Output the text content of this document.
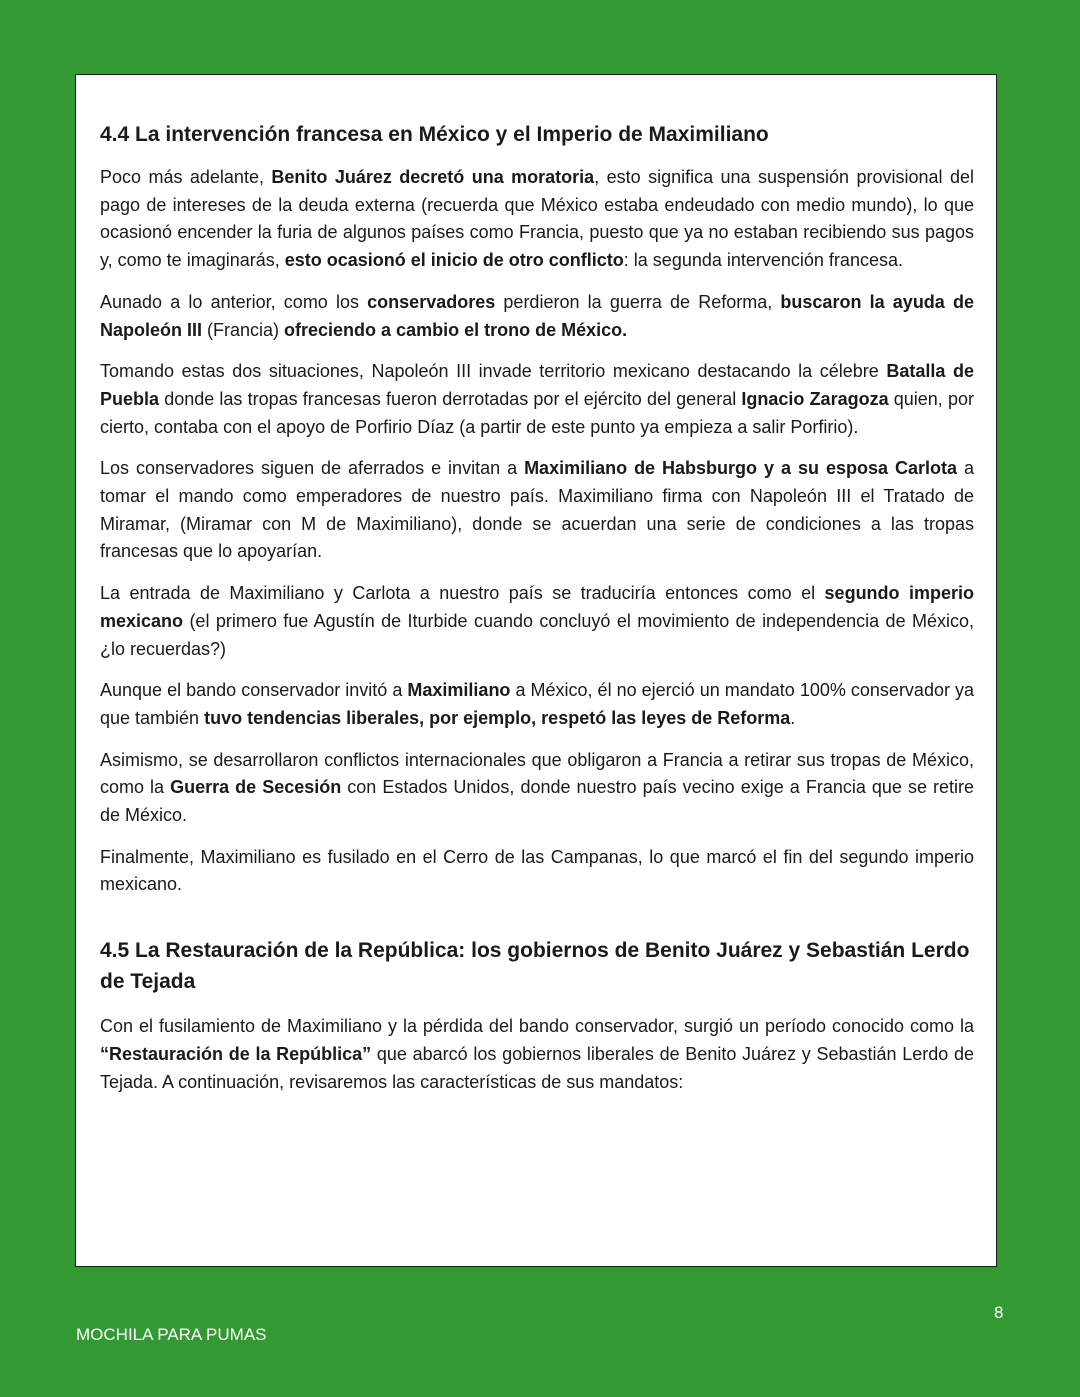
4.4 La intervención francesa en México y el Imperio de Maximiliano

Poco más adelante, Benito Juárez decretó una moratoria, esto significa una suspensión provisional del pago de intereses de la deuda externa (recuerda que México estaba endeudado con medio mundo), lo que ocasionó encender la furia de algunos países como Francia, puesto que ya no estaban recibiendo sus pagos y, como te imaginarás, esto ocasionó el inicio de otro conflicto: la segunda intervención francesa.

Aunado a lo anterior, como los conservadores perdieron la guerra de Reforma, buscaron la ayuda de Napoleón III (Francia) ofreciendo a cambio el trono de México.

Tomando estas dos situaciones, Napoleón III invade territorio mexicano destacando la célebre Batalla de Puebla donde las tropas francesas fueron derrotadas por el ejército del general Ignacio Zaragoza quien, por cierto, contaba con el apoyo de Porfirio Díaz (a partir de este punto ya empieza a salir Porfirio).

Los conservadores siguen de aferrados e invitan a Maximiliano de Habsburgo y a su esposa Carlota a tomar el mando como emperadores de nuestro país. Maximiliano firma con Napoleón III el Tratado de Miramar, (Miramar con M de Maximiliano), donde se acuerdan una serie de condiciones a las tropas francesas que lo apoyarían.

La entrada de Maximiliano y Carlota a nuestro país se traduciría entonces como el segundo imperio mexicano (el primero fue Agustín de Iturbide cuando concluyó el movimiento de independencia de México, ¿lo recuerdas?)

Aunque el bando conservador invitó a Maximiliano a México, él no ejerció un mandato 100% conservador ya que también tuvo tendencias liberales, por ejemplo, respetó las leyes de Reforma.

Asimismo, se desarrollaron conflictos internacionales que obligaron a Francia a retirar sus tropas de México, como la Guerra de Secesión con Estados Unidos, donde nuestro país vecino exige a Francia que se retire de México.

Finalmente, Maximiliano es fusilado en el Cerro de las Campanas, lo que marcó el fin del segundo imperio mexicano.

4.5 La Restauración de la República: los gobiernos de Benito Juárez y Sebastián Lerdo de Tejada

Con el fusilamiento de Maximiliano y la pérdida del bando conservador, surgió un período conocido como la “Restauración de la República” que abarcó los gobiernos liberales de Benito Juárez y Sebastián Lerdo de Tejada. A continuación, revisaremos las características de sus mandatos:

MOCHILA PARA PUMAS
8
